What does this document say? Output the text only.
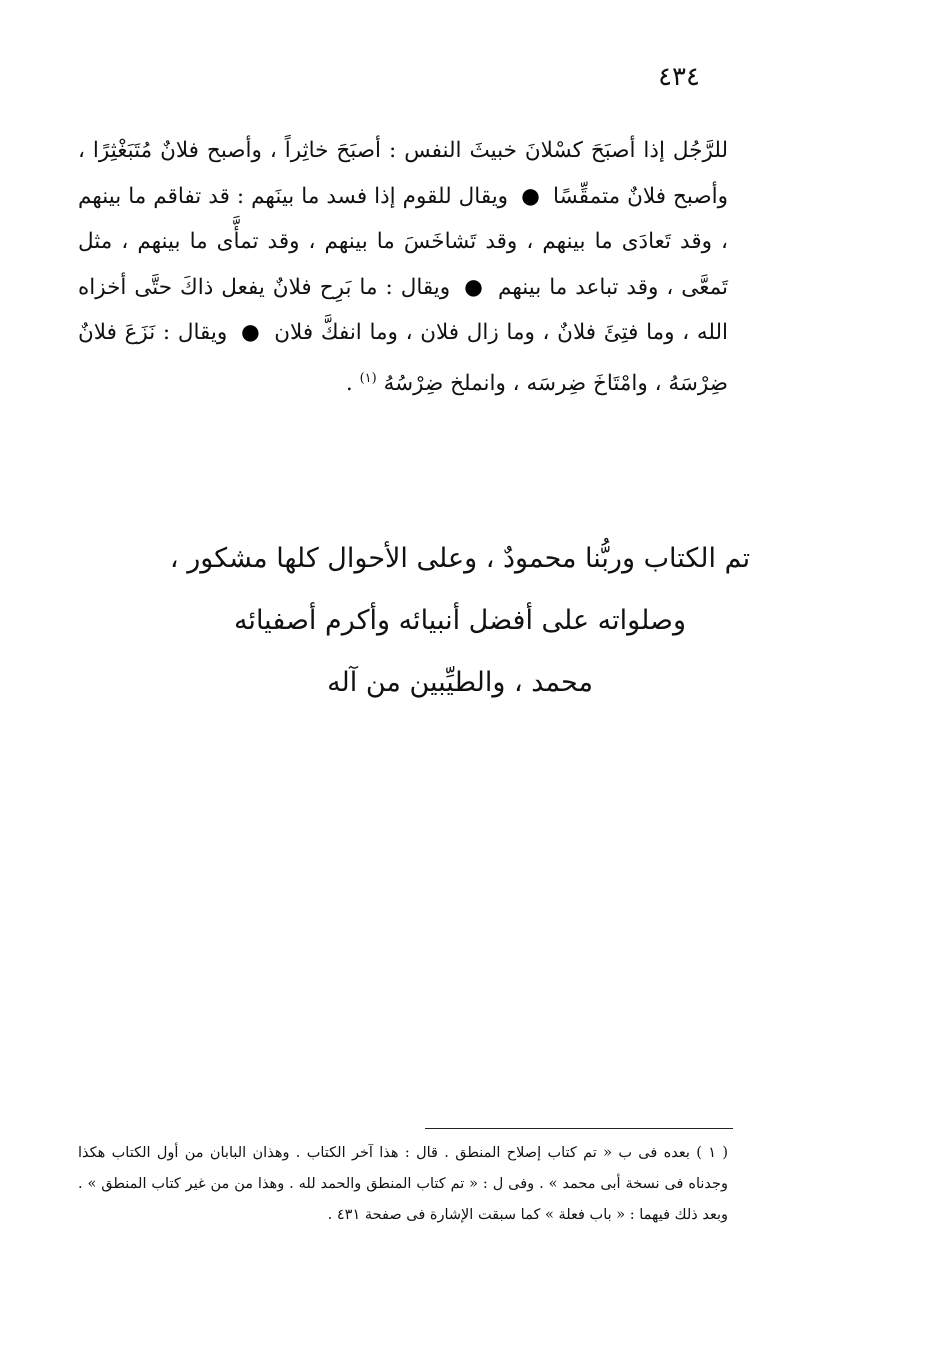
٤٣٤
للرَّجُل إذا أصبَحَ كسْلانَ خبيثَ النفس : أصبَحَ خاثِراً ، وأصبح فلانٌ مُتَبَغْثِرًا ، وأصبح فلانٌ متمقِّسًا ● ويقال للقوم إذا فسد ما بينَهم : قد تفاقم ما بينهم ، وقد تَعادَى ما بينهم ، وقد تَشاخَسَ ما بينهم ، وقد تمأَّى ما بينهم ، مثل تَمعَّى ، وقد تباعد ما بينهم ● ويقال : ما بَرِح فلانٌ يفعل ذاكَ حتَّى أخزاه الله ، وما فتِئَ فلانٌ ، وما زال فلان ، وما انفكَّ فلان ● ويقال : نَزَعَ فلانٌ ضِرْسَهُ ، وامْتَاخَ ضِرسَه ، وانملخ ضِرْسُهُ $^{(١)}$ .
تم الكتاب وربُّنا محمودٌ ، وعلى الأحوال كلها مشكور ،
وصلواته على أفضل أنبيائه وأكرم أصفيائه
محمد ، والطيِّبين من آله
( ١ ) بعده فى ب « تم كتاب إصلاح المنطق . قال : هذا آخر الكتاب . وهذان البابان من أول الكتاب هكذا وجدناه فى نسخة أبى محمد » . وفى ل : « تم كتاب المنطق والحمد لله . وهذا من من غير كتاب المنطق » . وبعد ذلك فيهما : « باب فعلة » كما سبقت الإشارة فى صفحة ٤٣١ .
